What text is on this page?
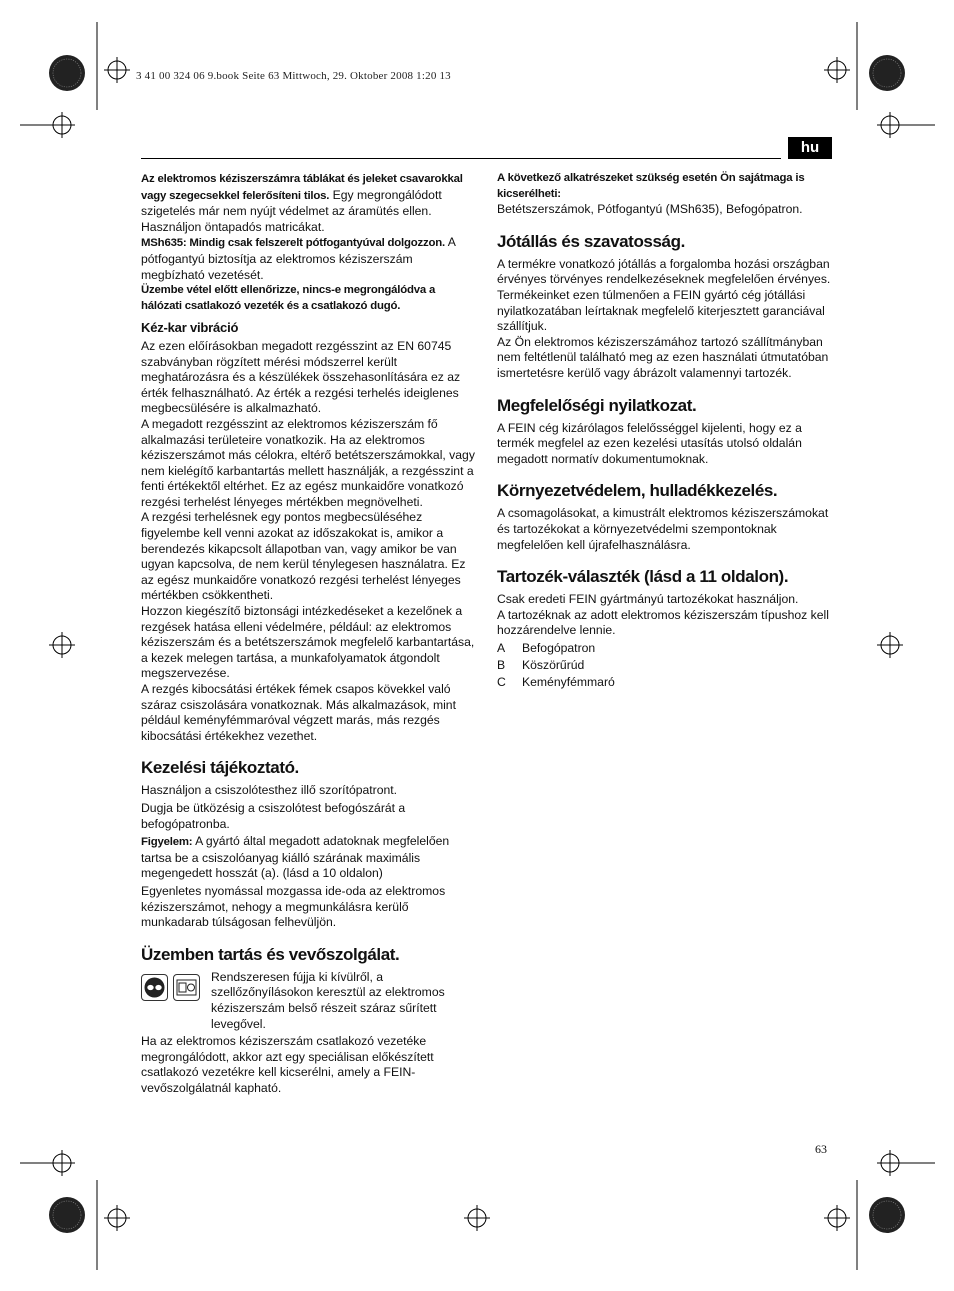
3 41 00 324 06 9.book Seite 63 Mittwoch, 29. Oktober 2008 1:20 13
hu

Az elektromos kéziszerszámra táblákat és jeleket csavarokkal vagy szegecsekkel felerősíteni tilos. Egy megrongálódott szigetelés már nem nyújt védelmet az áramütés ellen. Használjon öntapadós matricákat.

MSh635: Mindig csak felszerelt pótfogantyúval dolgozzon. A pótfogantyú biztosítja az elektromos kéziszerszám megbízható vezetését.

Üzembe vétel előtt ellenőrizze, nincs-e megrongálódva a hálózati csatlakozó vezeték és a csatlakozó dugó.

Kéz-kar vibráció

Az ezen előírásokban megadott rezgésszint az EN 60745 szabványban rögzített mérési módszerrel került meghatározásra és a készülékek összehasonlítására ez az érték felhasználható. Az érték a rezgési terhelés ideiglenes megbecsülésére is alkalmazható.

A megadott rezgésszint az elektromos kéziszerszám fő alkalmazási területeire vonatkozik. Ha az elektromos kéziszerszámot más célokra, eltérő betétszerszámokkal, vagy nem kielégítő karbantartás mellett használják, a rezgésszint a fenti értékektől eltérhet. Ez az egész munkaidőre vonatkozó rezgési terhelést lényeges mértékben megnövelheti.

A rezgési terhelésnek egy pontos megbecsüléséhez figyelembe kell venni azokat az időszakokat is, amikor a berendezés kikapcsolt állapotban van, vagy amikor be van ugyan kapcsolva, de nem kerül ténylegesen használatra. Ez az egész munkaidőre vonatkozó rezgési terhelést lényeges mértékben csökkentheti.

Hozzon kiegészítő biztonsági intézkedéseket a kezelőnek a rezgések hatása elleni védelmére, például: az elektromos kéziszerszám és a betétszerszámok megfelelő karbantartása, a kezek melegen tartása, a munkafolyamatok átgondolt megszervezése.

A rezgés kibocsátási értékek fémek csapos kövekkel való száraz csiszolására vonatkoznak. Más alkalmazások, mint például keményfémmaróval végzett marás, más rezgés kibocsátási értékekhez vezethet.

Kezelési tájékoztató.

Használjon a csiszolótesthez illő szorítópatront.

Dugja be ütközésig a csiszolótest befogószárát a befogópatronba.

Figyelem: A gyártó által megadott adatoknak megfelelően tartsa be a csiszolóanyag kiálló szárának maximális megengedett hosszát (a). (lásd a 10 oldalon)

Egyenletes nyomással mozgassa ide-oda az elektromos kéziszerszámot, nehogy a megmunkálásra kerülő munkadarab túlságosan felhevüljön.

Üzemben tartás és vevőszolgálat.

Rendszeresen fújja ki kívülről, a szellőzőnyílásokon keresztül az elektromos kéziszerszám belső részeit száraz sűrített levegővel.

Ha az elektromos kéziszerszám csatlakozó vezetéke megrongálódott, akkor azt egy speciálisan előkészített csatlakozó vezetékre kell kicserélni, amely a FEIN-vevőszolgálatnál kapható.

A következő alkatrészeket szükség esetén Ön sajátmaga is kicserélheti:

Betétszerszámok, Pótfogantyú (MSh635), Befogópatron.

Jótállás és szavatosság.

A termékre vonatkozó jótállás a forgalomba hozási országban érvényes törvényes rendelkezéseknek megfelelően érvényes. Termékeinket ezen túlmenően a FEIN gyártó cég jótállási nyilatkozatában leírtaknak megfelelő kiterjesztett garanciával szállítjuk.

Az Ön elektromos kéziszerszámához tartozó szállítmányban nem feltétlenül található meg az ezen használati útmutatóban ismertetésre kerülő vagy ábrázolt valamennyi tartozék.

Megfelelőségi nyilatkozat.

A FEIN cég kizárólagos felelősséggel kijelenti, hogy ez a termék megfelel az ezen kezelési utasítás utolsó oldalán megadott normatív dokumentumoknak.

Környezetvédelem, hulladékkezelés.

A csomagolásokat, a kimustrált elektromos kéziszerszámokat és tartozékokat a környezetvédelmi szempontoknak megfelelően kell újrafelhasználásra.

Tartozék-választék (lásd a 11 oldalon).

Csak eredeti FEIN gyártmányú tartozékokat használjon.

A tartozéknak az adott elektromos kéziszerszám típushoz kell hozzárendelve lennie.

A	Befogópatron
B	Köszörűrúd
C	Keményfémmaró
63
